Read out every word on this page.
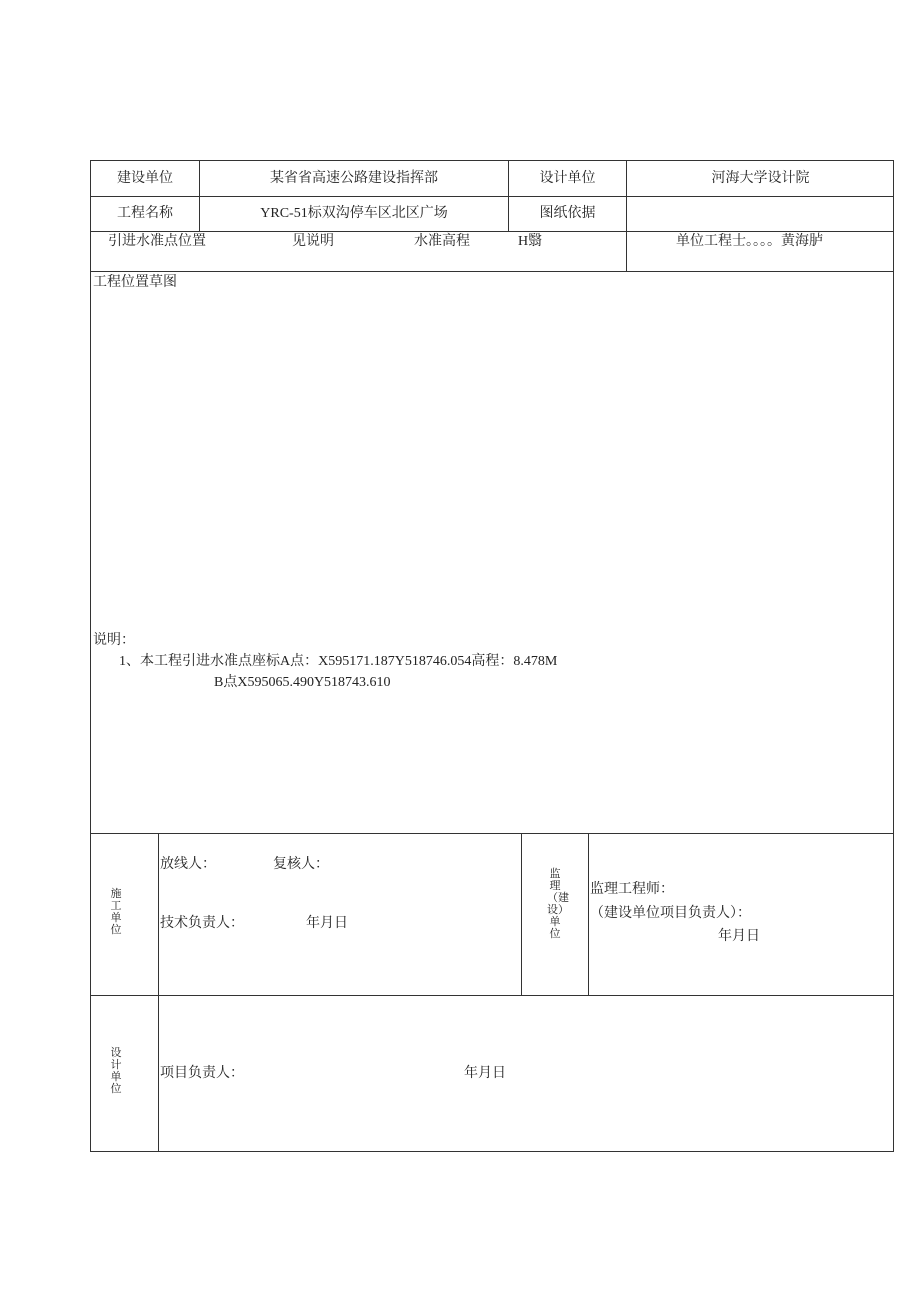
建设单位	某省省高速公路建设指挥部	设计单位	河海大学设计院
工程名称	YRC-51标双沟停车区北区广场	图纸依据
引进水准点位置	见说明	水准高程	H翳	单位工程士。。。。黄海胪
工程位置草图
说明：
1、本工程引进水准点座标A点：X595171.187Y518746.054高程：8.478M
B点X595065.490Y518743.610
施工单位
放线人：	复核人：
技术负责人：	年月日
监理（建设）单位
监理工程师：
（建设单位项目负责人）：
年月日
设计单位
项目负责人：	年月日
